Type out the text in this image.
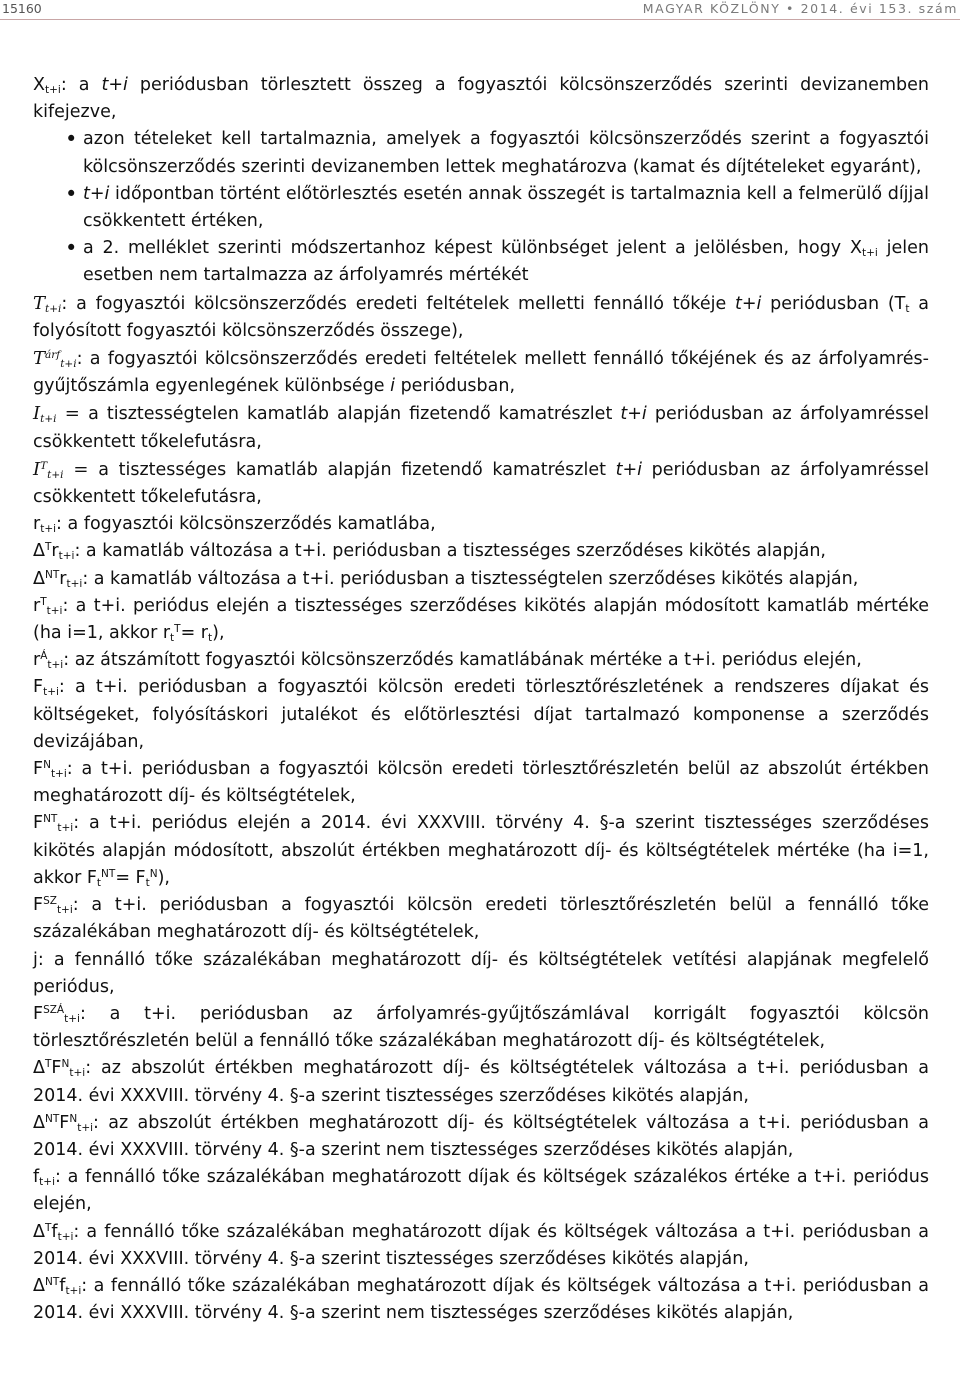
15160	MAGYAR KÖZLÖNY • 2014. évi 153. szám

$X_{t+i}$: a t+i periódusban törlesztett összeg a fogyasztói kölcsönszerződés szerinti devizanemben kifejezve,

• azon tételeket kell tartalmaznia, amelyek a fogyasztói kölcsönszerződés szerint a fogyasztói kölcsönszerződés szerinti devizanemben lettek meghatározva (kamat és díjtételeket egyaránt),
• t+i időpontban történt előtörlesztés esetén annak összegét is tartalmaznia kell a felmerülő díjjal csökkentett értéken,
• a 2. melléklet szerinti módszertanhoz képest különbséget jelent a jelölésben, hogy $X_{t+i}$ jelen esetben nem tartalmazza az árfolyamrés mértékét

$T_{t+i}$: a fogyasztói kölcsönszerződés eredeti feltételek melletti fennálló tőkéje t+i periódusban ($T_t$ a folyósított fogyasztói kölcsönszerződés összege),

$T^{árf}_{t+i}$: a fogyasztói kölcsönszerződés eredeti feltételek mellett fennálló tőkéjének és az árfolyamrés-gyűjtőszámla egyenlegének különbsége i periódusban,

$I_{t+i} = a$ tisztességtelen kamatláb alapján fizetendő kamatrészlet t+i periódusban az árfolyamréssel csökkentett tőkelefutásra,

$I^T_{t+i} = a$ tisztességes kamatláb alapján fizetendő kamatrészlet t+i periódusban az árfolyamréssel csökkentett tőkelefutásra,

$r_{t+i}$: a fogyasztói kölcsönszerződés kamatlába,

$\Delta^Tr_{t+i}$: a kamatláb változása a t+i. periódusban a tisztességes szerződéses kikötés alapján,

$\Delta^{NT}r_{t+i}$: a kamatláb változása a t+i. periódusban a tisztességtelen szerződéses kikötés alapján,

$r^T_{t+i}$: a t+i. periódus elején a tisztességes szerződéses kikötés alapján módosított kamatláb mértéke (ha i=1, akkor $r_t^T= r_t$),

$r^Á_{t+i}$: az átszámított fogyasztói kölcsönszerződés kamatlábának mértéke a t+i. periódus elején,

$F_{t+i}$: a t+i. periódusban a fogyasztói kölcsön eredeti törlesztőrészletének a rendszeres díjakat és költségeket, folyósításkori jutalékot és előtörlesztési díjat tartalmazó komponense a szerződés devizájában,

$F^N_{t+i}$: a t+i. periódusban a fogyasztói kölcsön eredeti törlesztőrészletén belül az abszolút értékben meghatározott díj- és költségtételek,

$F^{NT}_{t+i}$: a t+i. periódus elején a 2014. évi XXXVIII. törvény 4. §-a szerint tisztességes szerződéses kikötés alapján módosított, abszolút értékben meghatározott díj- és költségtételek mértéke (ha i=1, akkor $F_t^{NT}= F_t^N$),

$F^{SZ}_{t+i}$: a t+i. periódusban a fogyasztói kölcsön eredeti törlesztőrészletén belül a fennálló tőke százalékában meghatározott díj- és költségtételek,

j: a fennálló tőke százalékában meghatározott díj- és költségtételek vetítési alapjának megfelelő periódus,

$F^{SZÁ}_{t+i}$: a t+i. periódusban az árfolyamrés-gyűjtőszámlával korrigált fogyasztói kölcsön törlesztőrészletén belül a fennálló tőke százalékában meghatározott díj- és költségtételek,

$\Delta^TF^N_{t+i}$: az abszolút értékben meghatározott díj- és költségtételek változása a t+i. periódusban a 2014. évi XXXVIII. törvény 4. §-a szerint tisztességes szerződéses kikötés alapján,

$\Delta^{NT}F^N_{t+i}$: az abszolút értékben meghatározott díj- és költségtételek változása a t+i. periódusban a 2014. évi XXXVIII. törvény 4. §-a szerint nem tisztességes szerződéses kikötés alapján,

$f_{t+i}$: a fennálló tőke százalékában meghatározott díjak és költségek százalékos értéke a t+i. periódus elején,

$\Delta^Tf_{t+i}$: a fennálló tőke százalékában meghatározott díjak és költségek változása a t+i. periódusban a 2014. évi XXXVIII. törvény 4. §-a szerint tisztességes szerződéses kikötés alapján,

$\Delta^{NT}f_{t+i}$: a fennálló tőke százalékában meghatározott díjak és költségek változása a t+i. periódusban a 2014. évi XXXVIII. törvény 4. §-a szerint nem tisztességes szerződéses kikötés alapján,
